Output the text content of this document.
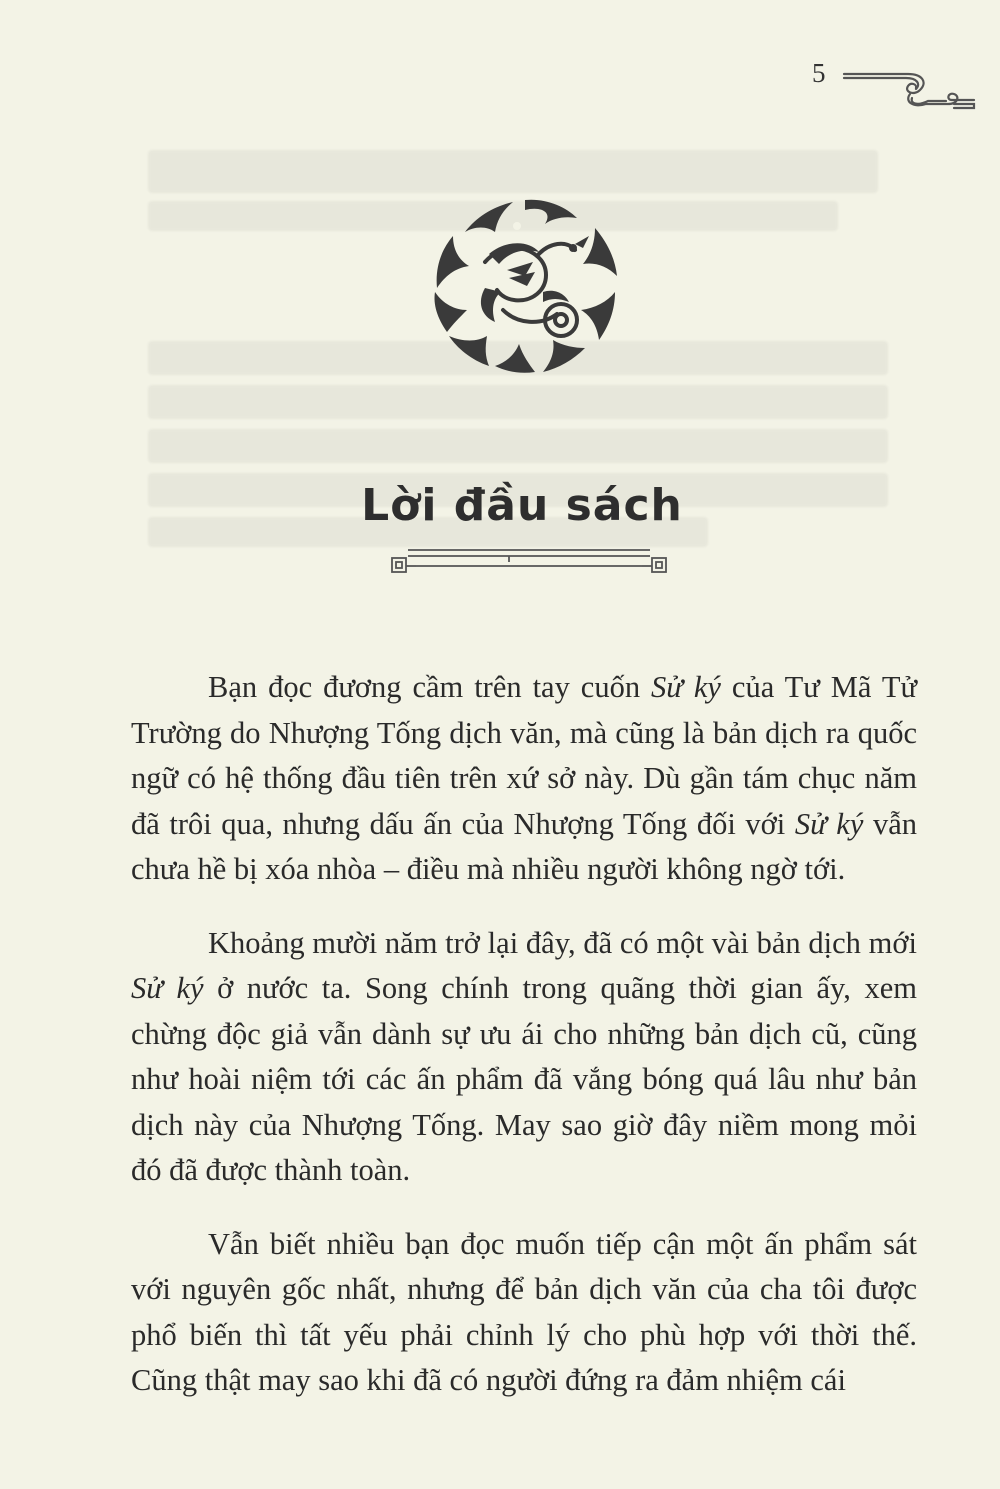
5
Lời đầu sách

Bạn đọc đương cầm trên tay cuốn Sử ký của Tư Mã Tử Trường do Nhượng Tống dịch văn, mà cũng là bản dịch ra quốc ngữ có hệ thống đầu tiên trên xứ sở này. Dù gần tám chục năm đã trôi qua, nhưng dấu ấn của Nhượng Tống đối với Sử ký vẫn chưa hề bị xóa nhòa – điều mà nhiều người không ngờ tới.

Khoảng mười năm trở lại đây, đã có một vài bản dịch mới Sử ký ở nước ta. Song chính trong quãng thời gian ấy, xem chừng độc giả vẫn dành sự ưu ái cho những bản dịch cũ, cũng như hoài niệm tới các ấn phẩm đã vắng bóng quá lâu như bản dịch này của Nhượng Tống. May sao giờ đây niềm mong mỏi đó đã được thành toàn.

Vẫn biết nhiều bạn đọc muốn tiếp cận một ấn phẩm sát với nguyên gốc nhất, nhưng để bản dịch văn của cha tôi được phổ biến thì tất yếu phải chỉnh lý cho phù hợp với thời thế. Cũng thật may sao khi đã có người đứng ra đảm nhiệm cái
